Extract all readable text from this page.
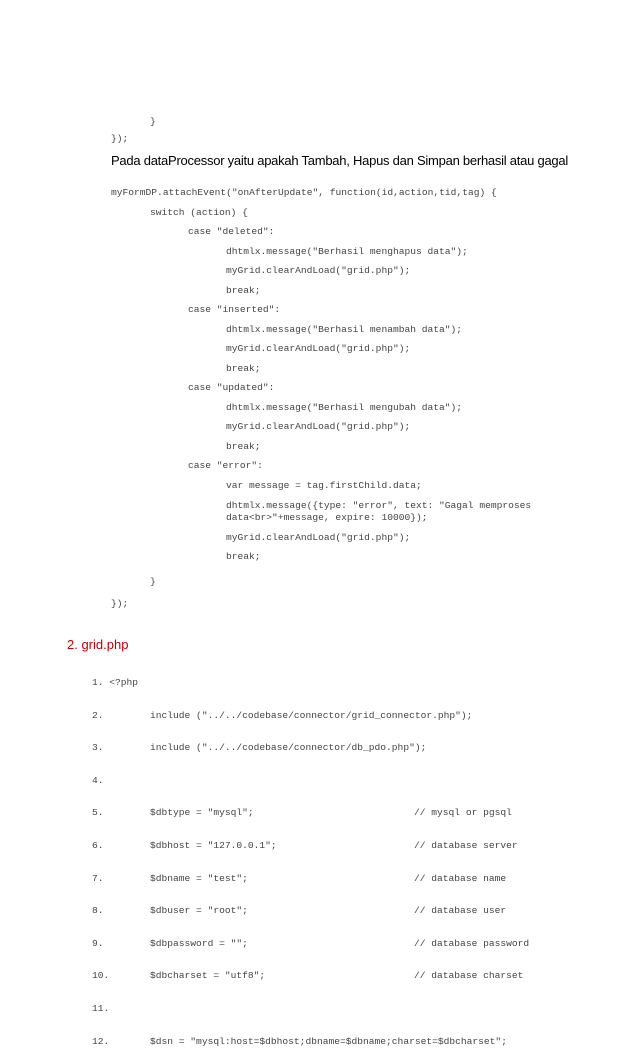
}

});

myFormDP.attachEvent("onAfterUpdate", function(id,action,tid,tag) {

switch (action) {

case "deleted":

dhtmlx.message("Berhasil menghapus data");

myGrid.clearAndLoad("grid.php");

break;

case "inserted":

dhtmlx.message("Berhasil menambah data");

myGrid.clearAndLoad("grid.php");

break;

case "updated":

dhtmlx.message("Berhasil mengubah data");

myGrid.clearAndLoad("grid.php");

break;

case "error":

var message = tag.firstChild.data;

dhtmlx.message({type: "error", text: "Gagal memproses

data<br>"+message, expire: 10000});

myGrid.clearAndLoad("grid.php");

break;

}

});

Pada dataProcessor yaitu apakah Tambah, Hapus dan Simpan berhasil atau gagal
2. grid.php

1. <?php

2.	include ("../../codebase/connector/grid_connector.php");

3.	include ("../../codebase/connector/db_pdo.php");

4.

5.	$dbtype = "mysql";	// mysql or pgsql

6.	$dbhost = "127.0.0.1";	// database server

7.	$dbname = "test";	// database name

8.	$dbuser = "root";	// database user

9.	$dbpassword = "";	// database password

10.	$dbcharset = "utf8";	// database charset

11.

12.	$dsn = "mysql:host=$dbhost;dbname=$dbname;charset=$dbcharset";
